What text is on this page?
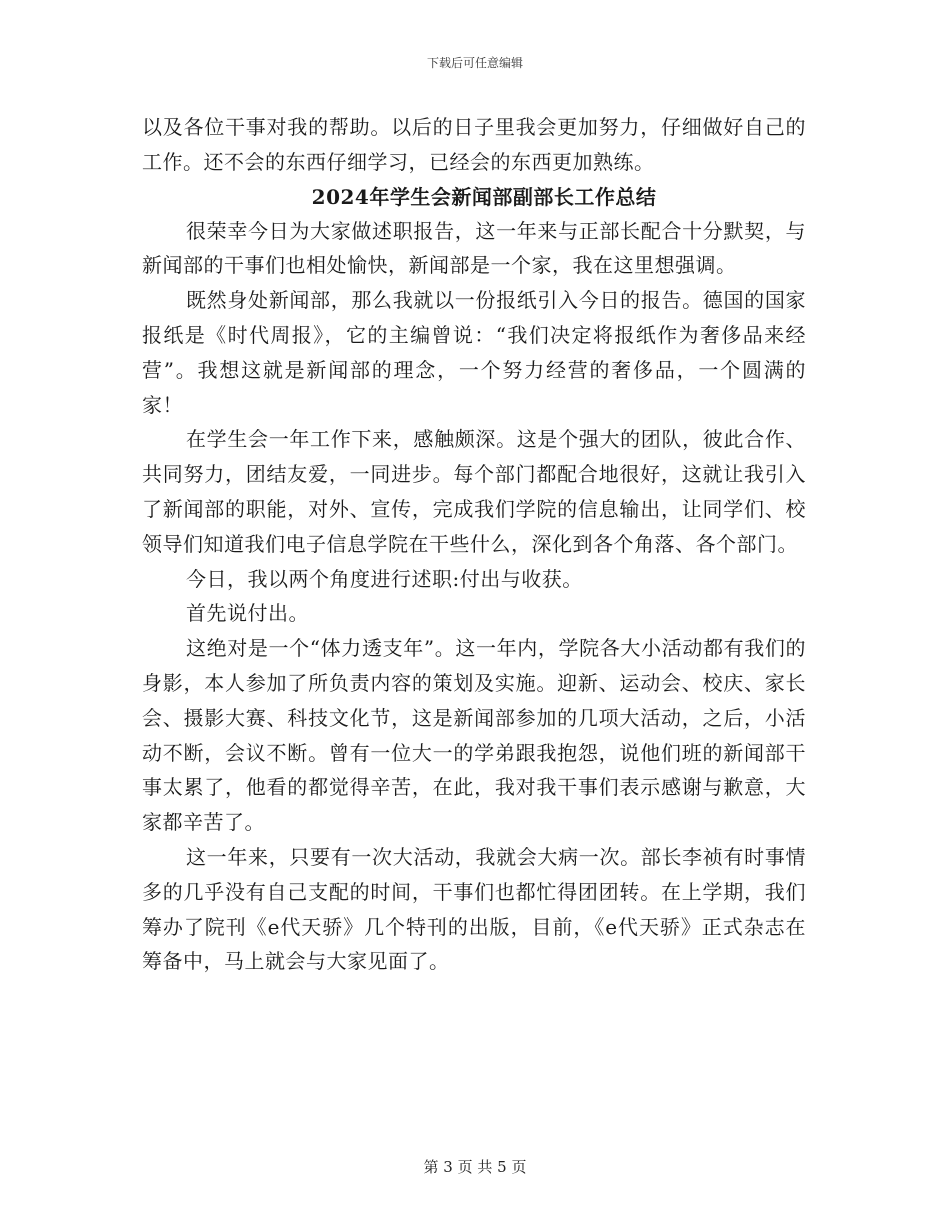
下载后可任意编辑

以及各位干事对我的帮助。以后的日子里我会更加努力，仔细做好自己的工作。还不会的东西仔细学习，已经会的东西更加熟练。

2024年学生会新闻部副部长工作总结

很荣幸今日为大家做述职报告，这一年来与正部长配合十分默契，与新闻部的干事们也相处愉快，新闻部是一个家，我在这里想强调。

既然身处新闻部，那么我就以一份报纸引入今日的报告。德国的国家报纸是《时代周报》，它的主编曾说：“我们决定将报纸作为奢侈品来经营”。我想这就是新闻部的理念，一个努力经营的奢侈品，一个圆满的家！

在学生会一年工作下来，感触颇深。这是个强大的团队，彼此合作、共同努力，团结友爱，一同进步。每个部门都配合地很好，这就让我引入了新闻部的职能，对外、宣传，完成我们学院的信息输出，让同学们、校领导们知道我们电子信息学院在干些什么，深化到各个角落、各个部门。

今日，我以两个角度进行述职:付出与收获。

首先说付出。

这绝对是一个“体力透支年”。这一年内，学院各大小活动都有我们的身影，本人参加了所负责内容的策划及实施。迎新、运动会、校庆、家长会、摄影大赛、科技文化节，这是新闻部参加的几项大活动，之后，小活动不断，会议不断。曾有一位大一的学弟跟我抱怨，说他们班的新闻部干事太累了，他看的都觉得辛苦，在此，我对我干事们表示感谢与歉意，大家都辛苦了。

这一年来，只要有一次大活动，我就会大病一次。部长李祯有时事情多的几乎没有自己支配的时间，干事们也都忙得团团转。在上学期，我们筹办了院刊《e代天骄》几个特刊的出版，目前，《e代天骄》正式杂志在筹备中，马上就会与大家见面了。

第 3 页 共 5 页
